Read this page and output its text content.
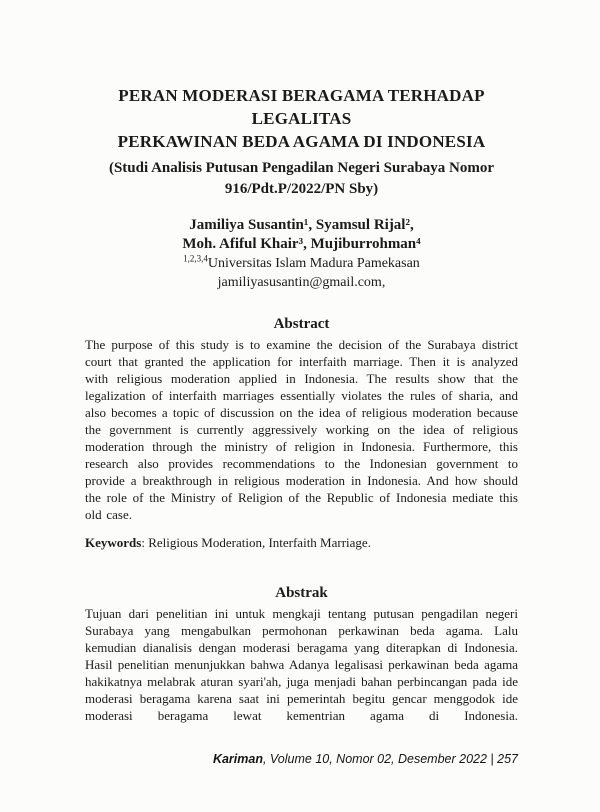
PERAN MODERASI BERAGAMA TERHADAP LEGALITAS
PERKAWINAN BEDA AGAMA DI INDONESIA
(Studi Analisis Putusan Pengadilan Negeri Surabaya Nomor
916/Pdt.P/2022/PN Sby)
Jamiliya Susantin¹, Syamsul Rijal²,
Moh. Afiful Khair³, Mujiburrohman⁴
$^{1,2,3,4}$Universitas Islam Madura Pamekasan
jamiliyasusantin@gmail.com,
Abstract

The purpose of this study is to examine the decision of the Surabaya district court that granted the application for interfaith marriage. Then it is analyzed with religious moderation applied in Indonesia. The results show that the legalization of interfaith marriages essentially violates the rules of sharia, and also becomes a topic of discussion on the idea of religious moderation because the government is currently aggressively working on the idea of religious moderation through the ministry of religion in Indonesia. Furthermore, this research also provides recommendations to the Indonesian government to provide a breakthrough in religious moderation in Indonesia. And how should the role of the Ministry of Religion of the Republic of Indonesia mediate this old case.

Keywords: Religious Moderation, Interfaith Marriage.

Abstrak

Tujuan dari penelitian ini untuk mengkaji tentang putusan pengadilan negeri Surabaya yang mengabulkan permohonan perkawinan beda agama. Lalu kemudian dianalisis dengan moderasi beragama yang diterapkan di Indonesia. Hasil penelitian menunjukkan bahwa Adanya legalisasi perkawinan beda agama hakikatnya melabrak aturan syari'ah, juga menjadi bahan perbincangan pada ide moderasi beragama karena saat ini pemerintah begitu gencar menggodok ide moderasi beragama lewat kementrian agama di Indonesia.

Kariman, Volume 10, Nomor 02, Desember 2022 | 257
